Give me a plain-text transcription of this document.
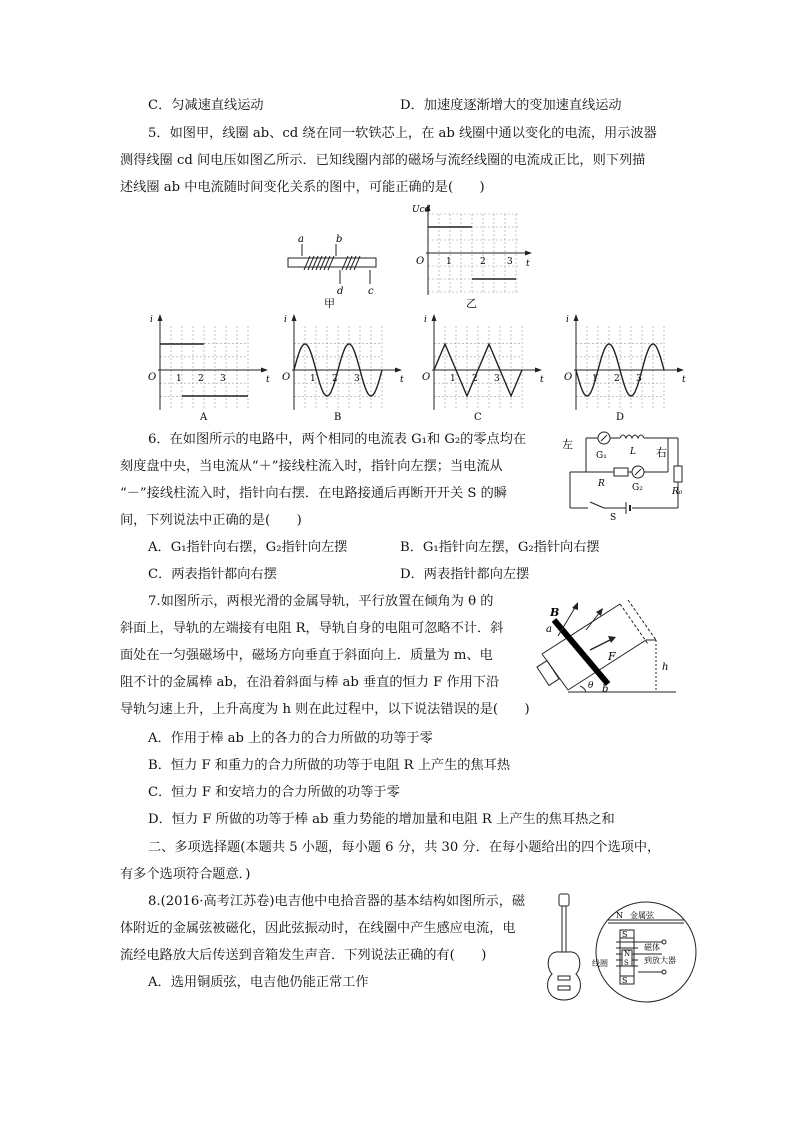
C．匀减速直线运动	D．加速度逐渐增大的变加速直线运动
5．如图甲，线圈 ab、cd 绕在同一软铁芯上，在 ab 线圈中通以变化的电流，用示波器
测得线圈 cd 间电压如图乙所示．已知线圈内部的磁场与流经线圈的电流成正比，则下列描
述线圈 ab 中电流随时间变化关系的图中，可能正确的是(　　)
a	b
d c
甲
Ucd
t
O 1	2 3
乙
i
t
O 1 2 3
A
i
t
O 1 2 3
B
i
t
O 1 2 3
C
i
t
O 1 2 3
D
6．在如图所示的电路中，两个相同的电流表 G₁和 G₂的零点均在
刻度盘中央，当电流从“＋”接线柱流入时，指针向左摆；当电流从
“－”接线柱流入时，指针向右摆．在电路接通后再断开开关 S 的瞬
间，下列说法中正确的是(　　)
A．G₁指针向右摆，G₂指针向左摆	B．G₁指针向左摆，G₂指针向右摆
C．两表指针都向右摆	D．两表指针都向左摆
左
右
G₁	L
R	G₂	R₀
S
7.如图所示，两根光滑的金属导轨，平行放置在倾角为 θ 的
斜面上，导轨的左端接有电阻 R，导轨自身的电阻可忽略不计．斜
面处在一匀强磁场中，磁场方向垂直于斜面向上．质量为 m、电
阻不计的金属棒 ab，在沿着斜面与棒 ab 垂直的恒力 F 作用下沿
导轨匀速上升，上升高度为 h 则在此过程中，以下说法错误的是(　　)
A．作用于棒 ab 上的各力的合力所做的功等于零
B．恒力 F 和重力的合力所做的功等于电阻 R 上产生的焦耳热
C．恒力 F 和安培力的合力所做的功等于零
D．恒力 F 所做的功等于棒 ab 重力势能的增加量和电阻 R 上产生的焦耳热之和
B
a
b
F
h
θ
二、多项选择题(本题共 5 小题，每小题 6 分，共 30 分．在每小题给出的四个选项中，
有多个选项符合题意．)
8.(2016·高考江苏卷)电吉他中电拾音器的基本结构如图所示，磁
体附近的金属弦被磁化，因此弦振动时，在线圈中产生感应电流，电
流经电路放大后传送到音箱发生声音．下列说法正确的有(　　)
A．选用铜质弦，电吉他仍能正常工作
N 金属弦
S
N
S
磁体
线圈	到放大器
S
